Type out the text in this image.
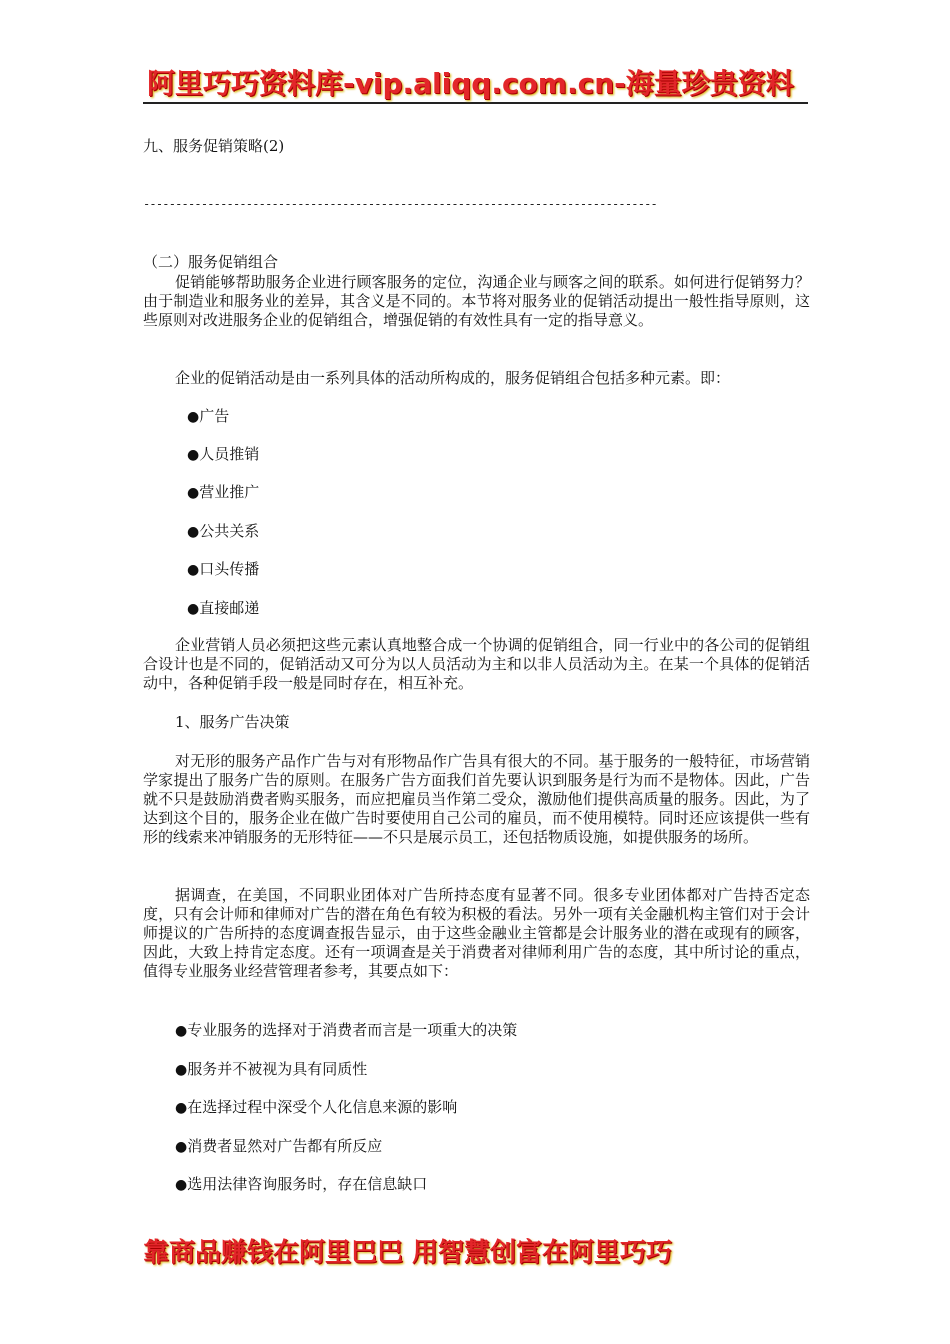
阿里巧巧资料库-vip.aliqq.com.cn-海量珍贵资料
九、服务促销策略(2)
--------------------------------------------------------------------------------
（二）服务促销组合
促销能够帮助服务企业进行顾客服务的定位，沟通企业与顾客之间的联系。如何进行促销努力？由于制造业和服务业的差异，其含义是不同的。本节将对服务业的促销活动提出一般性指导原则，这些原则对改进服务企业的促销组合，增强促销的有效性具有一定的指导意义。
企业的促销活动是由一系列具体的活动所构成的，服务促销组合包括多种元素。即：
●广告
●人员推销
●营业推广
●公共关系
●口头传播
●直接邮递
企业营销人员必须把这些元素认真地整合成一个协调的促销组合，同一行业中的各公司的促销组合设计也是不同的，促销活动又可分为以人员活动为主和以非人员活动为主。在某一个具体的促销活动中，各种促销手段一般是同时存在，相互补充。
1、服务广告决策
对无形的服务产品作广告与对有形物品作广告具有很大的不同。基于服务的一般特征，市场营销学家提出了服务广告的原则。在服务广告方面我们首先要认识到服务是行为而不是物体。因此，广告就不只是鼓励消费者购买服务，而应把雇员当作第二受众，激励他们提供高质量的服务。因此，为了达到这个目的，服务企业在做广告时要使用自己公司的雇员，而不使用模特。同时还应该提供一些有形的线索来冲销服务的无形特征——不只是展示员工，还包括物质设施，如提供服务的场所。
据调查，在美国，不同职业团体对广告所持态度有显著不同。很多专业团体都对广告持否定态度，只有会计师和律师对广告的潜在角色有较为积极的看法。另外一项有关金融机构主管们对于会计师提议的广告所持的态度调查报告显示，由于这些金融业主管都是会计服务业的潜在或现有的顾客，因此，大致上持肯定态度。还有一项调查是关于消费者对律师利用广告的态度，其中所讨论的重点，值得专业服务业经营管理者参考，其要点如下：
●专业服务的选择对于消费者而言是一项重大的决策
●服务并不被视为具有同质性
●在选择过程中深受个人化信息来源的影响
●消费者显然对广告都有所反应
●选用法律咨询服务时，存在信息缺口
靠商品赚钱在阿里巴巴 用智慧创富在阿里巧巧
